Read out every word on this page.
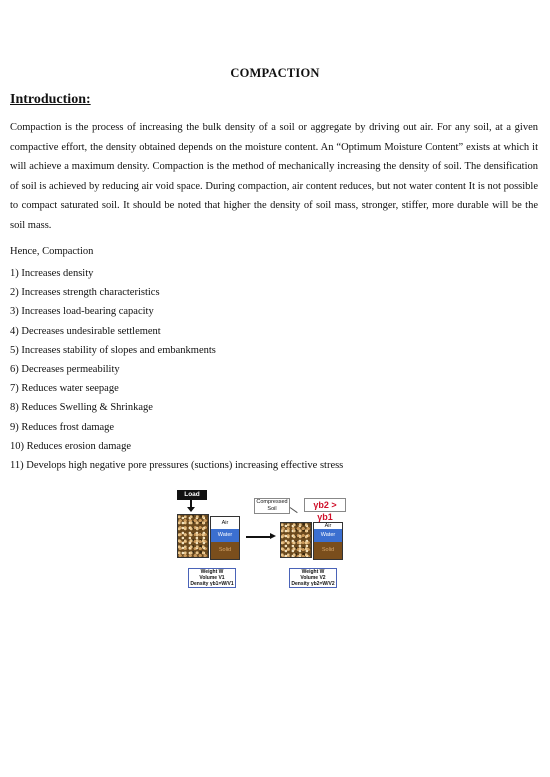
COMPACTION
Introduction:

Compaction is the process of increasing the bulk density of a soil or aggregate by driving out air. For any soil, at a given compactive effort, the density obtained depends on the moisture content. An “Optimum Moisture Content” exists at which it will achieve a maximum density. Compaction is the method of mechanically increasing the density of soil. The densification of soil is achieved by reducing air void space. During compaction, air content reduces, but not water content It is not possible to compact saturated soil. It should be noted that higher the density of soil mass, stronger, stiffer, more durable will be the soil mass.

Hence, Compaction
1) Increases density
2) Increases strength characteristics
3) Increases load-bearing capacity
4) Decreases undesirable settlement
5) Increases stability of slopes and embankments
6) Decreases permeability
7) Reduces water seepage
8) Reduces Swelling & Shrinkage
9) Reduces frost damage
10) Reduces erosion damage
11) Develops high negative pore pressures (suctions) increasing effective stress
Load
Air
Water
Solid
Compressed
Soil	γb2 > γb1
Air
Water
Solid
Weight W
Volume V1
Density γb1=W/V1
Weight W
Volume V2
Density γb2=W/V2
